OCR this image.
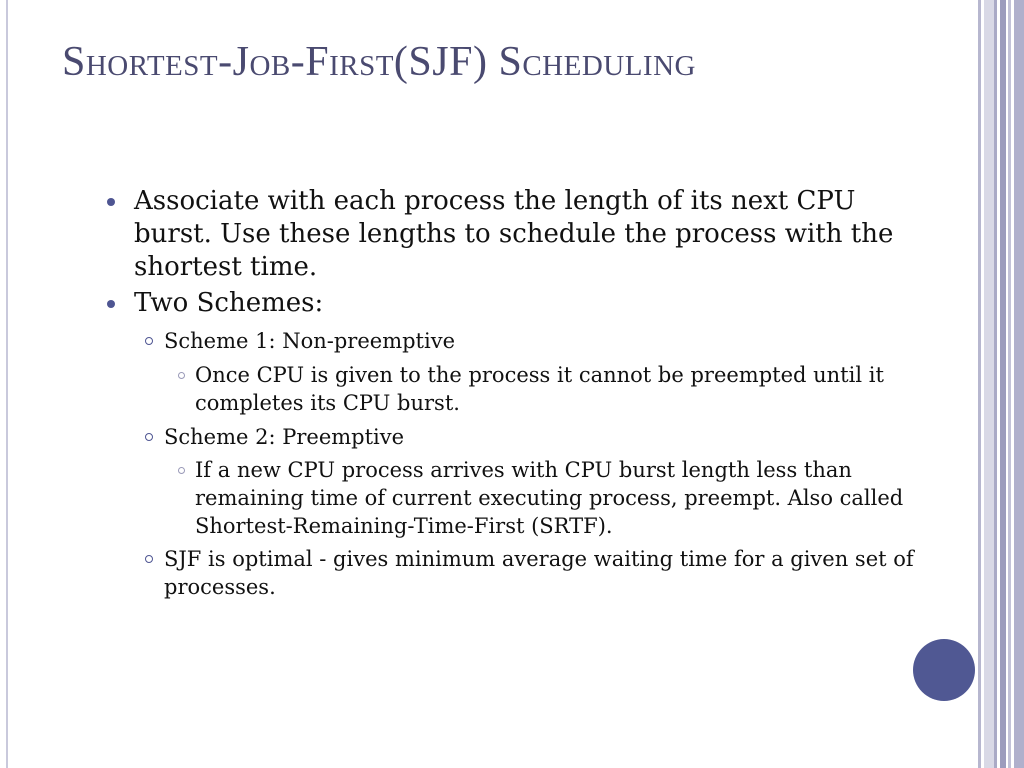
Shortest-Job-First(SJF) Scheduling
Associate with each process the length of its next CPU burst. Use these lengths to schedule the process with the shortest time.
Two Schemes:
Scheme 1: Non-preemptive
Once CPU is given to the process it cannot be preempted until it completes its CPU burst.
Scheme 2: Preemptive
If a new CPU process arrives with CPU burst length less than remaining time of current executing process, preempt. Also called Shortest-Remaining-Time-First (SRTF).
SJF is optimal - gives minimum average waiting time for a given set of processes.
